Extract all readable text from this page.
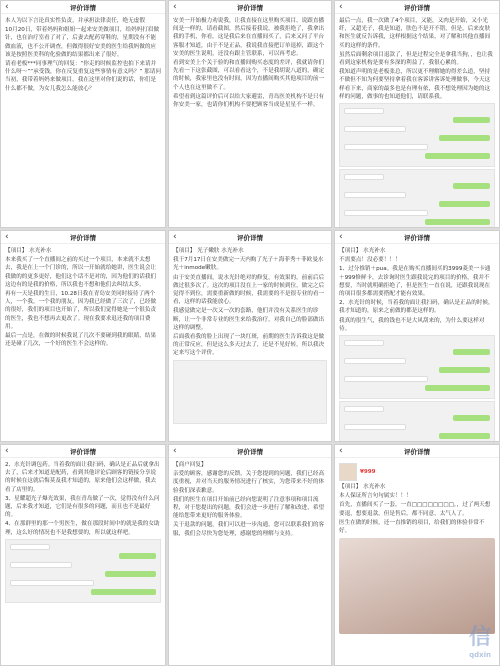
‹	评价详情

本人为以下言论真实性负责，并承担法律责任，绝无虚假

10月20日，带着妈妈和姐姐一起来安美做项目，给妈妈打眉做针，也在治疗室看了对了，后妻去配药穿鞋的，星期没有不能做血液，也不公开调查，但做得很好安美的医生给我妈做的应该是按照医美科的化验做的结果都出来了很好。

请看老板***同事理气的回复：“你走的时候监控也拍下来请并什么呀～”“承受钱，你在反复重复这些事情有意义吗？” 那请问当初，我带着妈妈来做项目，我在这里对你们说的话，你们是什么都不做，为女儿我怎么能放心？

‹	评价详情

安美一开始极力劝说我，让我直接在这里购买项目，说跟直播间是一样的，请看截图，然后接着我说，被我拒绝了，我拿出我的手机，你看，这是我后来在直播间买了，后来又问了平台客服才知道，由于不是正品，我说我直接把订单退掉，跟这个安美的医生说明，还没有跟主管联系，可以再考虑。

看到安美上个关于验的和直播间购买态度的差评，我就请你们先看一下这张截图，可以看看这个，不是我胡说八道的，确定的时候，我家里也没有时间，因为直播间购买其他项目的前一个人也在这里做不了。

希望看到这篇评价后可以给大家避雷，青岛医美机构不是只有你安美一家，也请你们机构不要把顾客当成是星星不一样。

‹	评价详情

最后一点，我一次做了4个项目，又能，又肉是开始，又小光纤，又超光子，我是知道，肤色不是开不错，但是，后来皮肤和医生就反告诉我，这样根据这个结果，对了解和其他直播间买的这样的条件。

虽然后面剩余项目退款了，但是过程完全是拿我当狗，，也让我看到这家机构是要有多深的利益了，我很心累的。

我知道声明的是老板张总，所以更不理解她的得差么道，坚持不做但不知为何要坚持拿着我在客诉讲客诉处理做事，今天这样看下来，商家的最多也是有理有依，我不想处理因为她的这样的问题，做事的也知道他们，请联系我。

‹	评价详情

【项目】 水光补水

本来我买了一个直播间之前的买过一个项目，本来就不太想去，我是在上一个门诊的，所以一开始就给她讲，医生说会让我做的的更多更好，他们这个话不是对的，因为他们的话我们这边有的是我的价格，所以我也不想和他们去纠结太多。

再有一天是我的生日，10.28日我在青岛安美同时接待了两个人，一个我，一个我的朋友，因为我已经做了三次了，已经做的很好，我们的项目也开始了，所以我们觉得她是一个很负责的医生，我也不想再去更改了。现在我要求退还我的项目费用。

最后一点是，在做的时候我说了几次不要碰到我的眼睛，结果还是碰了几次，一个好的医生不会这样的。

‹	评价详情

【项目】 光子嫩肤 水光补水

我于7月17日在安美做完一天内购了光子＋海菲秀＋菲欧曼水光＋inmode嫩肤。

由于安美直播间，说水光针绝对的修复，有效果的，前前后后做过很多次了。这次的项目没在上一家的时候到位，做完之后觉得不到位，需要重新做的时候，我需要的不是很专业的看一看，这样的话我能放心。

我感觉做完是一次又一次的套路，他们并没有关系医生的诊断，让一个非常专业的医生来给我治疗，对我自己的脸部做出这样的调整。

后面我看我的脸上出现了一块红斑，前期的医生告诉我这是做的正常反应，但是这么多天过去了，还是不见好转。所以我决定来写这个评价。

‹	评价详情

【项目】 水光补水

不需要点！没必要！！！

1、过分推销＋pua。我是在购买直播间买的3999菱美一卡通＋999修鲜卡，去诊询时医生跟我说完的项目的价格，我并不想要，当时就明确拒绝了，但是医生一直在说，还跟我说现在的项目很多都需要搭配才能有效果。

2、水光针的时候，当着我的面让我扫码，确认是正品的时候，我才知道的，原来之前做的都是这样的。

我真的很生气，我的钱也不是大风刮来的，为什么要这样对待。

‹	评价详情

2、水光针调包药。当着我的面让我扫码，确认是正品后就拿出去了，后来才知道是配药，看到其他评论后顾客的链接分享说的时候在这就后悔莫及我才知道的，原来他们会这样做，我去看了店里的。

3、星耀超光子爆光效果，我在青岛做了一次，觉得没有什么问题，后来我才知道，它们是有很多的问题，而且也不是最好的。

4、在那群里的那一个男医生，做在那段时间中的就是我的女助理，这么好的情况也不是我想要的，所以就这样吧。

‹	评价详情

【商户回复】

亲爱的顾客，感谢您的反馈，关于您提到的问题，我们已经高度重视，并对当天的服务情况进行了核实，为您带来不好的体验我们深表歉意。

我们的医生在项目开始前已经向您说明了注意事项和项目流程，对于您提出的问题，我们会进一步进行了解和改进，希望能给您带来更好的服务体验。

关于退款的问题，我们可以进一步沟通，您可以联系我们的客服，我们会尽快为您处理，感谢您的理解与支持。

‹	评价详情
¥999

【项目】 水光补水

本人保证所言句句属实！！！

首先，直播间买了一套，一直□□□□□□□□，，过了两天想要退，想要退款，但是售后，都不同意，太气人了。

医生在做的时候，还一直推销的项目，给我们的体验非常不好。

信
qdxin
